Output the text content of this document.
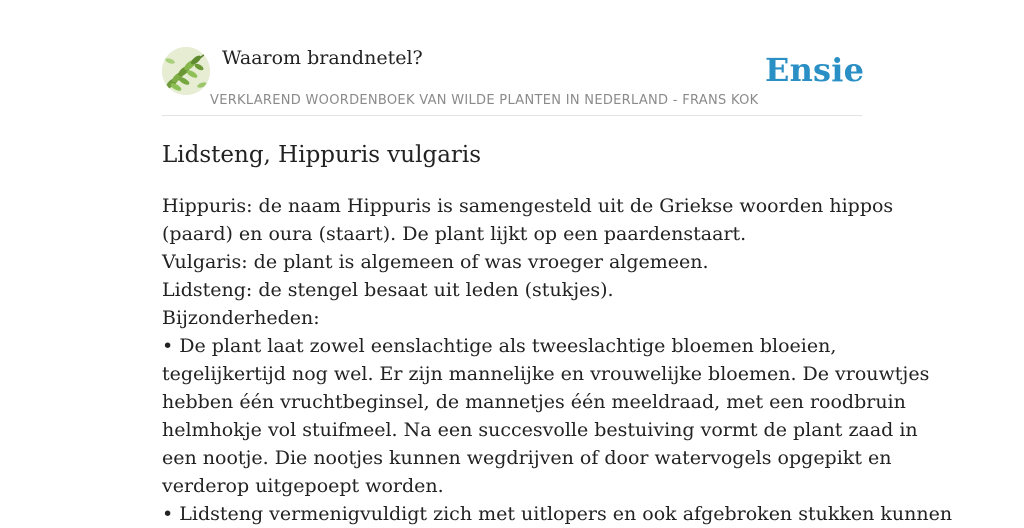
Waarom brandnetel?	Ensie
VERKLAREND WOORDENBOEK VAN WILDE PLANTEN IN NEDERLAND - FRANS KOK
Lidsteng, Hippuris vulgaris
Hippuris: de naam Hippuris is samengesteld uit de Griekse woorden hippos
(paard) en oura (staart). De plant lijkt op een paardenstaart.
Vulgaris: de plant is algemeen of was vroeger algemeen.
Lidsteng: de stengel besaat uit leden (stukjes).
Bijzonderheden:
• De plant laat zowel eenslachtige als tweeslachtige bloemen bloeien,
tegelijkertijd nog wel. Er zijn mannelijke en vrouwelijke bloemen. De vrouwtjes
hebben één vruchtbeginsel, de mannetjes één meeldraad, met een roodbruin
helmhokje vol stuifmeel. Na een succesvolle bestuiving vormt de plant zaad in
een nootje. Die nootjes kunnen wegdrijven of door watervogels opgepikt en
verderop uitgepoept worden.
• Lidsteng vermenigvuldigt zich met uitlopers en ook afgebroken stukken kunnen
